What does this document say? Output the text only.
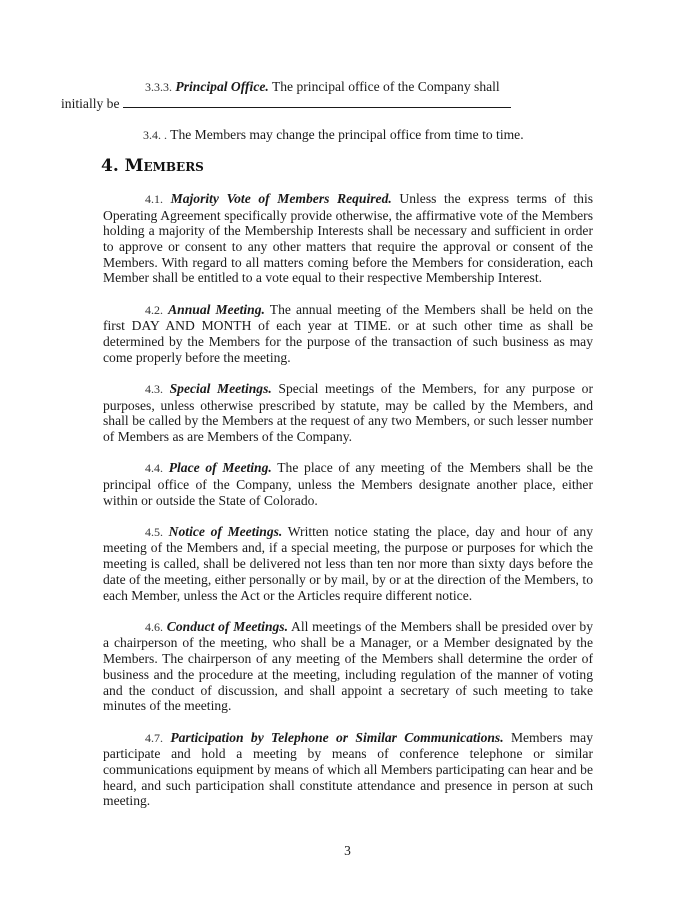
3.3.3. Principal Office. The principal office of the Company shall
initially be

3.4. . The Members may change the principal office from time to time.

4. Members

4.1. Majority Vote of Members Required. Unless the express terms of this Operating Agreement specifically provide otherwise, the affirmative vote of the Members holding a majority of the Membership Interests shall be necessary and sufficient in order to approve or consent to any other matters that require the approval or consent of the Members. With regard to all matters coming before the Members for consideration, each Member shall be entitled to a vote equal to their respective Membership Interest.

4.2. Annual Meeting. The annual meeting of the Members shall be held on the first DAY AND MONTH of each year at TIME. or at such other time as shall be determined by the Members for the purpose of the transaction of such business as may come properly before the meeting.

4.3. Special Meetings. Special meetings of the Members, for any purpose or purposes, unless otherwise prescribed by statute, may be called by the Members, and shall be called by the Members at the request of any two Members, or such lesser number of Members as are Members of the Company.

4.4. Place of Meeting. The place of any meeting of the Members shall be the principal office of the Company, unless the Members designate another place, either within or outside the State of Colorado.

4.5. Notice of Meetings. Written notice stating the place, day and hour of any meeting of the Members and, if a special meeting, the purpose or purposes for which the meeting is called, shall be delivered not less than ten nor more than sixty days before the date of the meeting, either personally or by mail, by or at the direction of the Members, to each Member, unless the Act or the Articles require different notice.

4.6. Conduct of Meetings. All meetings of the Members shall be presided over by a chairperson of the meeting, who shall be a Manager, or a Member designated by the Members. The chairperson of any meeting of the Members shall determine the order of business and the procedure at the meeting, including regulation of the manner of voting and the conduct of discussion, and shall appoint a secretary of such meeting to take minutes of the meeting.

4.7. Participation by Telephone or Similar Communications. Members may participate and hold a meeting by means of conference telephone or similar communications equipment by means of which all Members participating can hear and be heard, and such participation shall constitute attendance and presence in person at such meeting.

3
